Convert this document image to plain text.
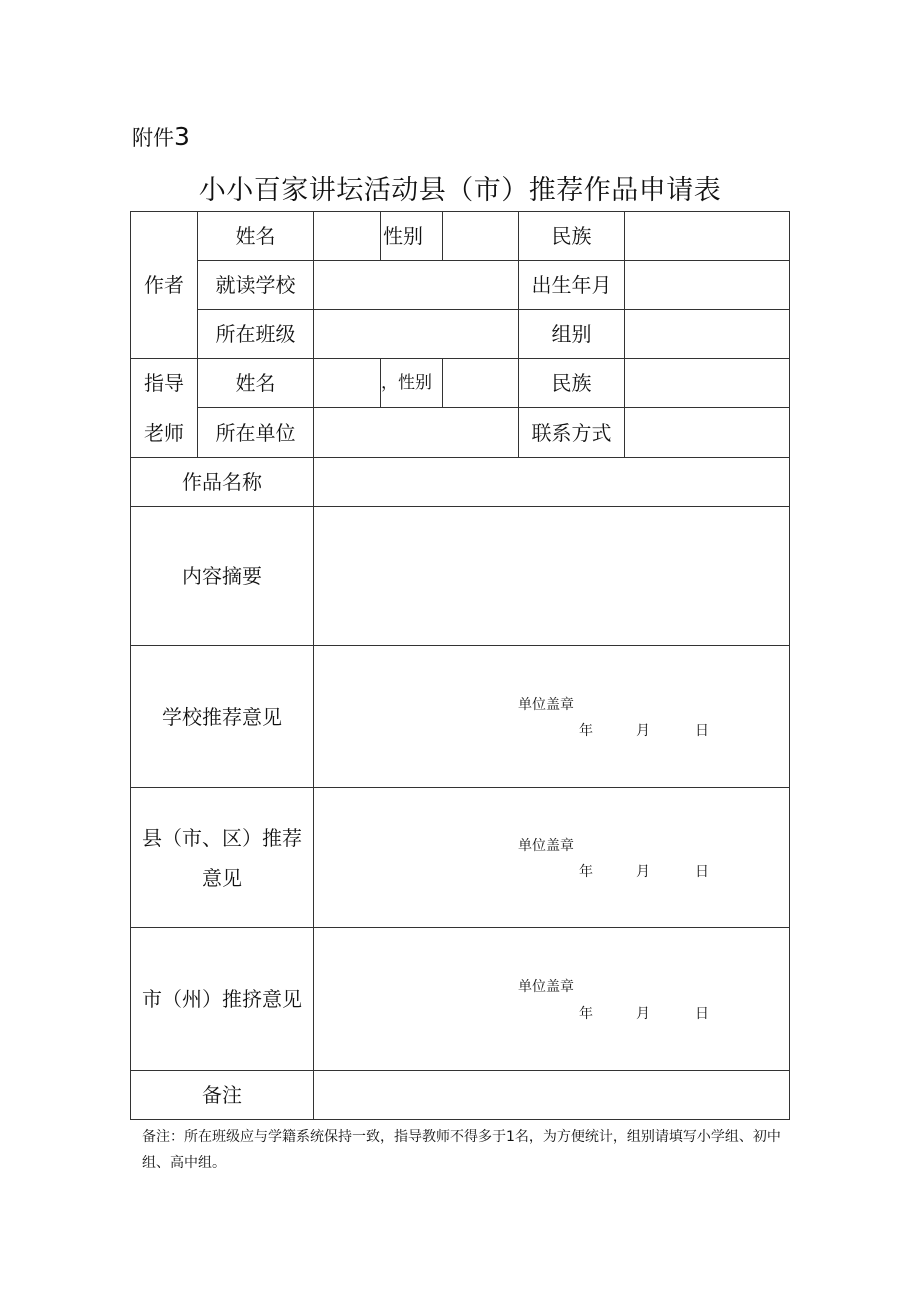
附件3
小小百家讲坛活动县（市）推荐作品申请表
作者
姓名	性别	民族
就读学校	出生年月
所在班级	组别
指导
老师
姓名	，性别	民族
所在单位	联系方式
作品名称
内容摘要
学校推荐意见	单位盖章
年	月	日
县（市、区）推荐
意见
单位盖章
年	月	日
市（州）推挤意见	单位盖章
年	月	日
备注
备注：所在班级应与学籍系统保持一致，指导教师不得多于1名，为方便统计，组别请填写小学组、初中组、高中组。
